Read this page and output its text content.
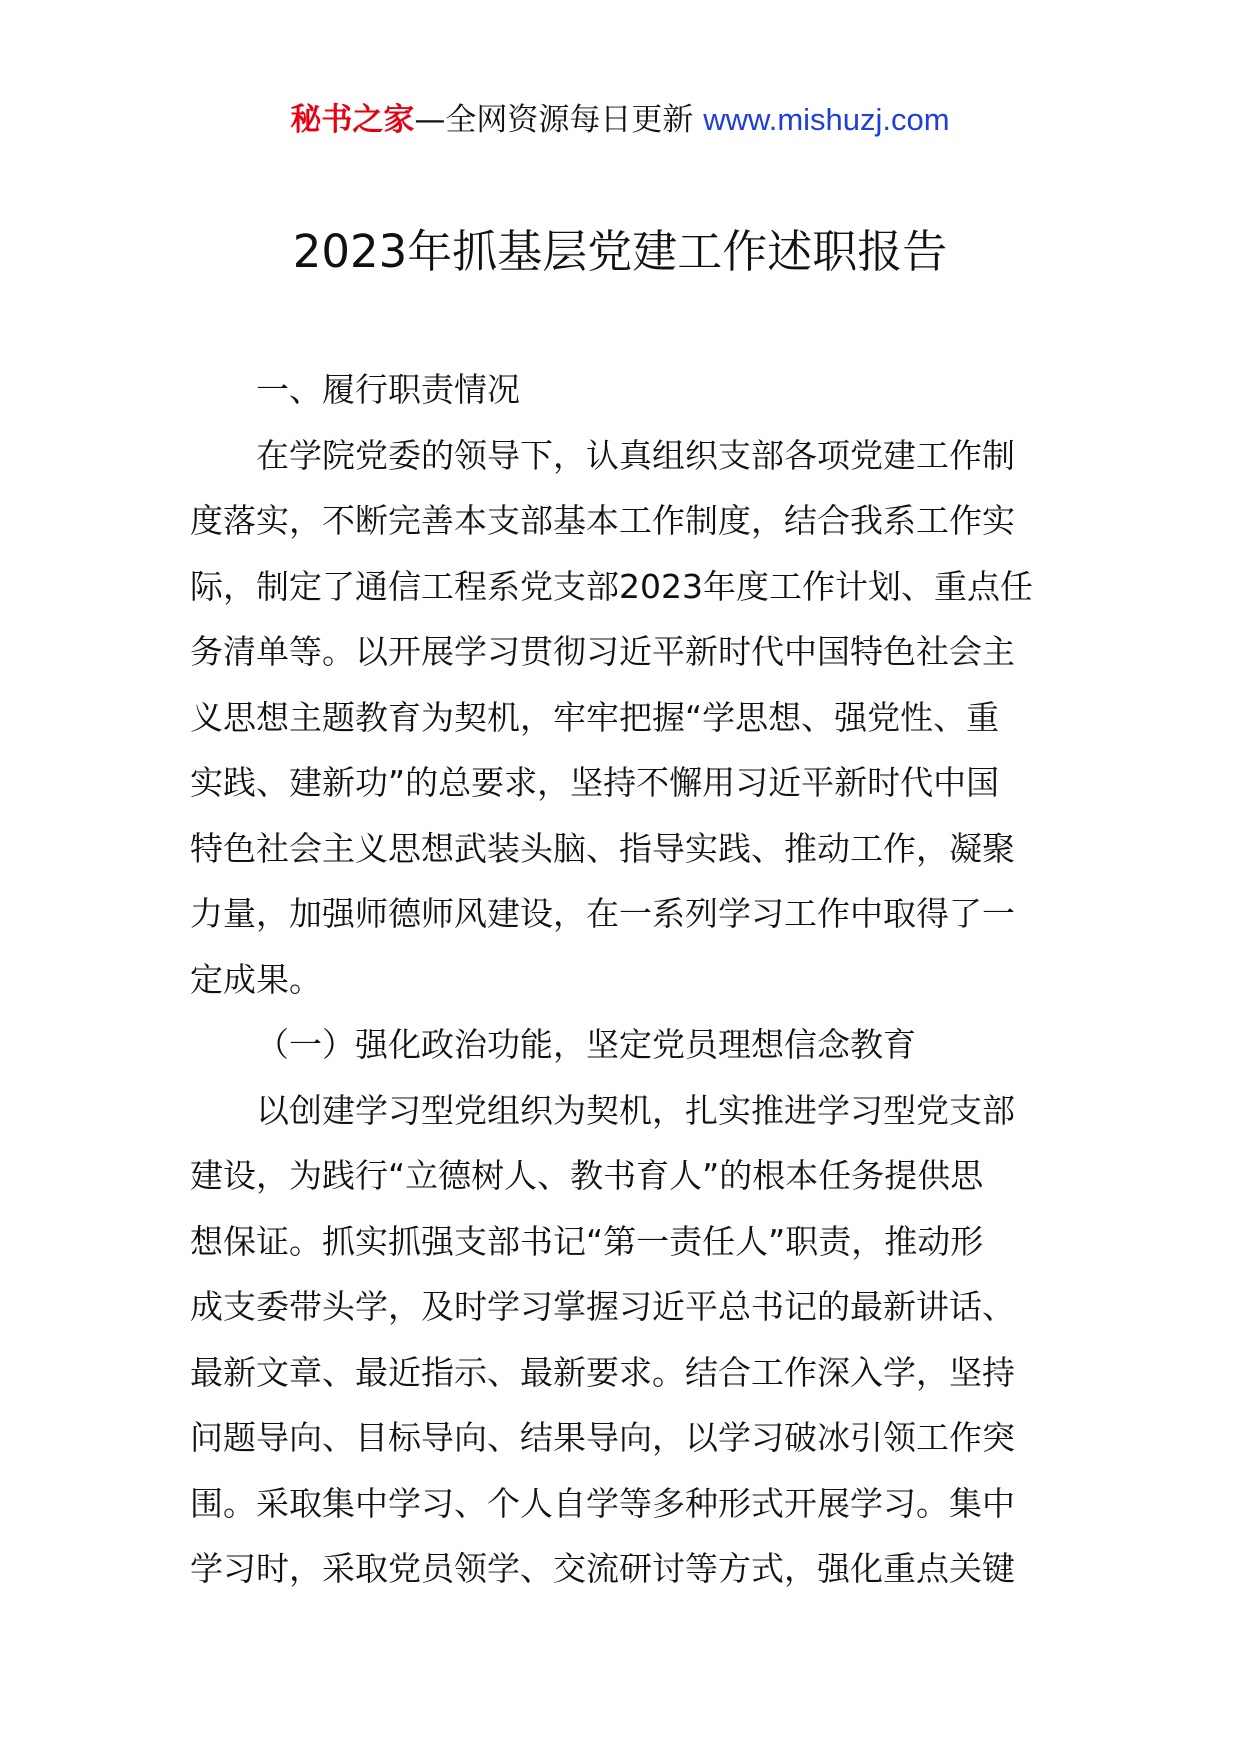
秘书之家—全网资源每日更新 www.mishuzj.com
2023年抓基层党建工作述职报告
一、履行职责情况
在学院党委的领导下，认真组织支部各项党建工作制
度落实，不断完善本支部基本工作制度，结合我系工作实
际，制定了通信工程系党支部2023年度工作计划、重点任
务清单等。以开展学习贯彻习近平新时代中国特色社会主
义思想主题教育为契机，牢牢把握“学思想、强党性、重
实践、建新功”的总要求，坚持不懈用习近平新时代中国
特色社会主义思想武装头脑、指导实践、推动工作，凝聚
力量，加强师德师风建设，在一系列学习工作中取得了一
定成果。
（一）强化政治功能，坚定党员理想信念教育
以创建学习型党组织为契机，扎实推进学习型党支部
建设，为践行“立德树人、教书育人”的根本任务提供思
想保证。抓实抓强支部书记“第一责任人”职责，推动形
成支委带头学，及时学习掌握习近平总书记的最新讲话、
最新文章、最近指示、最新要求。结合工作深入学，坚持
问题导向、目标导向、结果导向，以学习破冰引领工作突
围。采取集中学习、个人自学等多种形式开展学习。集中
学习时，采取党员领学、交流研讨等方式，强化重点关键
